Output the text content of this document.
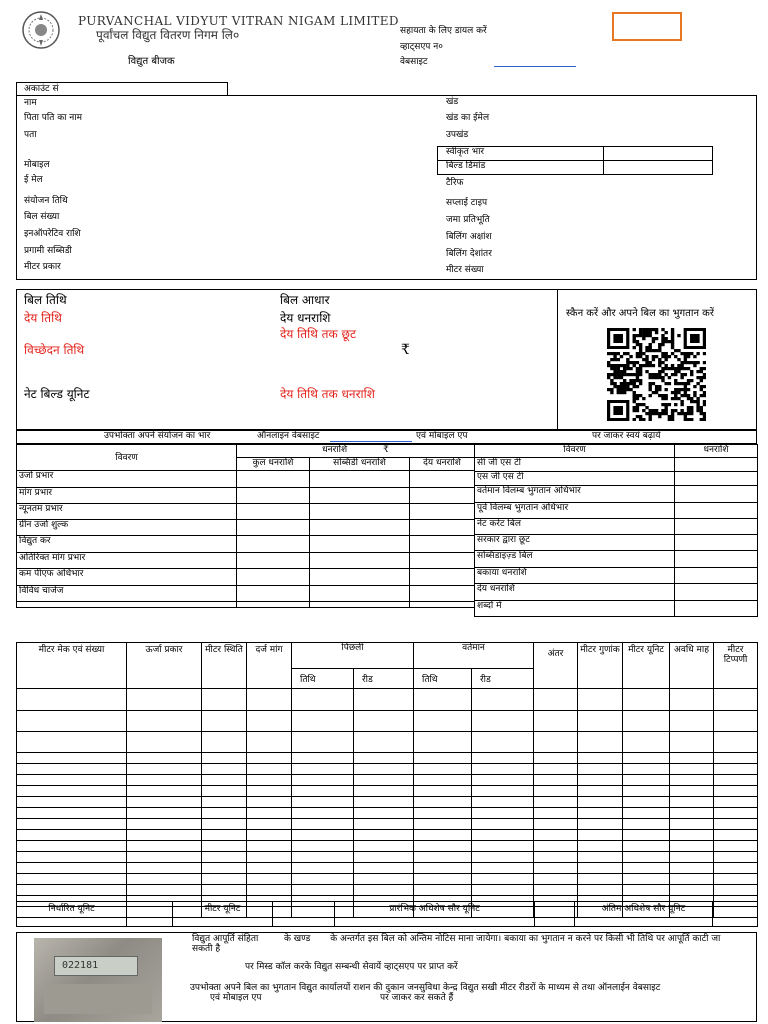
PURVANCHAL VIDYUT VITRAN NIGAM LIMITED
पूर्वांचल विद्युत वितरण निगम लि०
विद्युत बीजक
सहायता के लिए डायल करें
व्हाट्सएप न०
वेबसाइट
अकाउंट सं
नाम
पिता पति का नाम
पता
मोबाइल
ई मेल
संयोजन तिथि
बिल संख्या
इनऑपरेटिव राशि
प्रगामी सब्सिडी
मीटर प्रकार
खंड
खंड का ईमेल
उपखंड
स्वीकृत भार	
बिल्ड डिमांड	
टैरिफ
सप्लाई टाइप
जमा प्रतिभूति
बिलिंग अक्षांश
बिलिंग देशांतर
मीटर संख्या
बिल तिथि
देय तिथि
विच्छेदन तिथि
नेट बिल्ड यूनिट
बिल आधार
देय धनराशि
देय तिथि तक छूट
₹
देय तिथि तक धनराशि
स्कैन करें और अपने बिल का भुगतान करें
उपभोक्ता अपने संयोजन का भार	ऑनलाइन वेबसाइट	एवं मोबाइल एप	पर जाकर स्वयं बढ़ायें
विवरण	धनराशि ₹		
	कुल धनराशि	सब्सिडी धनराशि	देय धनराशि
उर्जा प्रभार			
मांग प्रभार			
न्यूनतम प्रभार			
ग्रीन उर्जा शुल्क			
विद्युत कर			
अतिरिक्त मांग प्रभार			
कम पीएफ अधिभार			
विविध चार्जेज			

विवरण	धनराशि
सी जी एस टी	
एस जी एस टी	
वर्तमान विलम्ब भुगतान अधिभार	
पूर्व विलम्ब भुगतान अधिभार	
नेट करेंट बिल	
सरकार द्वारा छूट	
सब्सिडाइज़्ड बिल	
बकाया धनराशि	
देय धनराशि	
शब्दों में	
मीटर मेक एवं संख्या	ऊर्जा प्रकार	मीटर स्थिति	दर्ज मांग	पिछली		वर्तमान		अंतर	मीटर गुणांक	मीटर यूनिट	अवधि माह	मीटर टिप्पणी
				तिथि	रीड	तिथि	रीड					

निर्धारित यूनिट		मीटर यूनिट		प्रारंभिक अधिशेष सौर यूनिट		अंतिम अधिशेष सौर यूनिट	
022181
विद्युत आपूर्ति संहिता         के खण्ड       के अन्तर्गत इस बिल को अन्तिम नोटिस माना जायेगा। बकाया का भुगतान न करने पर किसी भी तिथि पर आपूर्ति काटी जा सकती है
पर मिस्ड कॉल करके विद्युत सम्बन्धी सेवायें व्हाट्सएप पर प्राप्त करें
उपभोक्ता अपने बिल का भुगतान विद्युत कार्यालयों राशन की दुकान जनसुविधा केन्द्र विद्युत सखी मीटर रीडरों के माध्यम से तथा ऑनलाईन वेबसाइट
एवं मोबाइल एप	पर जाकर कर सकते हैं
